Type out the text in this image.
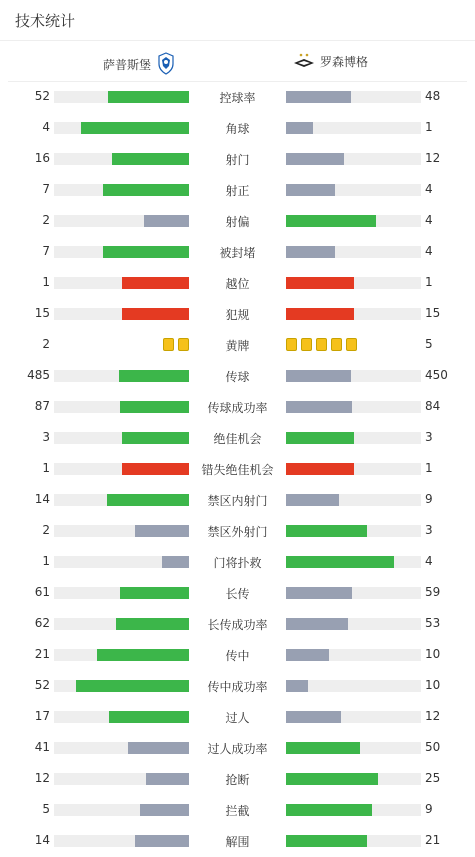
技术统计
萨普斯堡	罗森博格
52	控球率	48
4	角球	1
16	射门	12
7	射正	4
2	射偏	4
7	被封堵	4
1	越位	1
15	犯规	15
2	黄牌	5
485	传球	450
87	传球成功率	84
3	绝佳机会	3
1	错失绝佳机会	1
14	禁区内射门	9
2	禁区外射门	3
1	门将扑救	4
61	长传	59
62	长传成功率	53
21	传中	10
52	传中成功率	10
17	过人	12
41	过人成功率	50
12	抢断	25
5	拦截	9
14	解围	21
